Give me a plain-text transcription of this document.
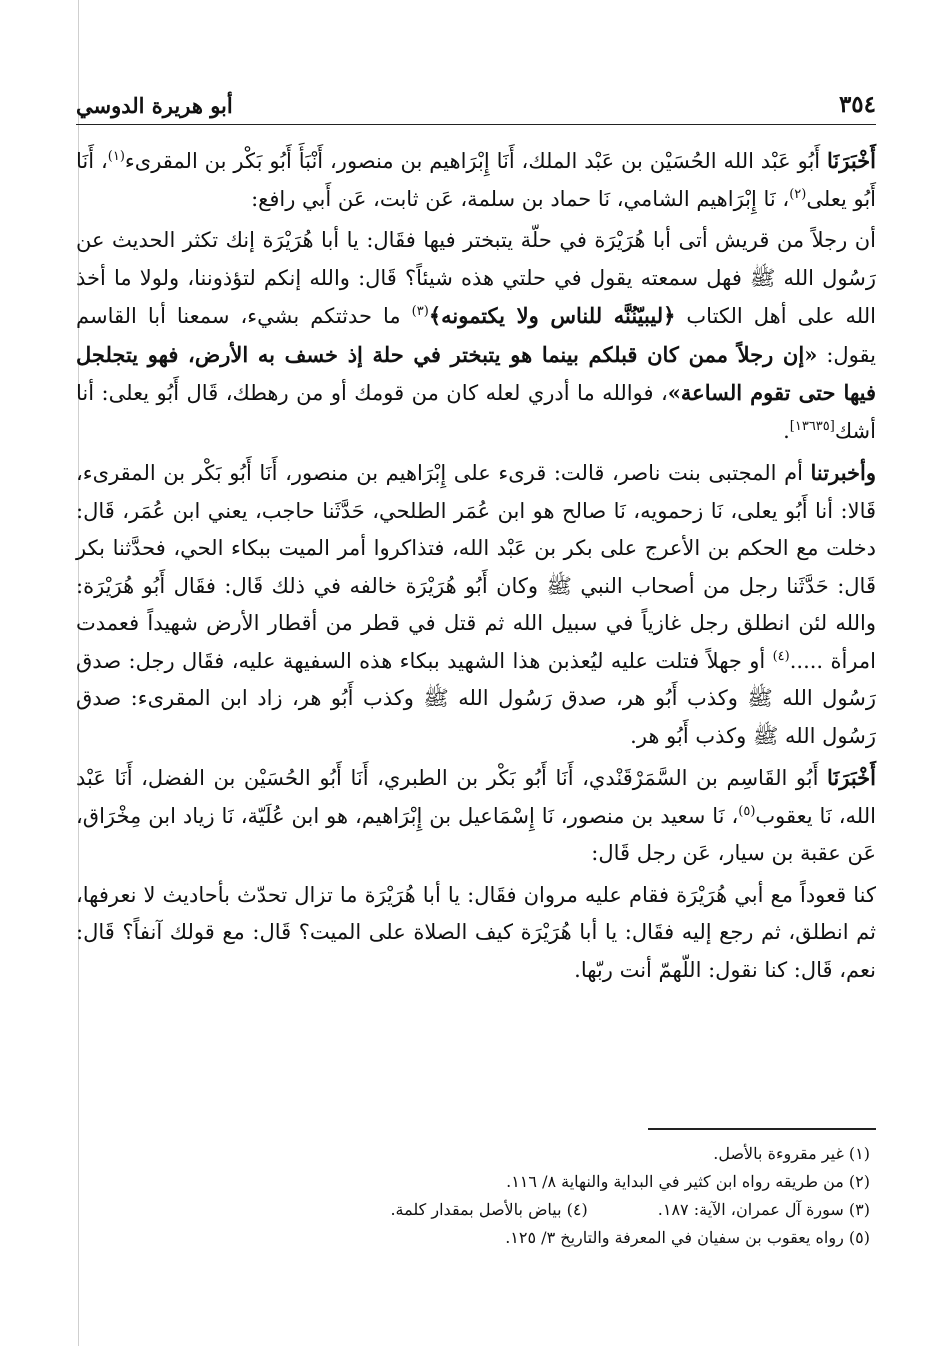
٣٥٤
أبو هريرة الدوسي

أَخْبَرَنَا أَبُو عَبْد الله الحُسَيْن بن عَبْد الملك، أَنَا إِبْرَاهيم بن منصور، أَنْبَأَ أَبُو بَكْر بن المقرىء$^{(١)}$، أَنَا أَبُو يعلى$^{(٢)}$، نَا إِبْرَاهيم الشامي، نَا حماد بن سلمة، عَن ثابت، عَن أَبي رافع:

أن رجلاً من قريش أتى أبا هُرَيْرَة في حلّة يتبختر فيها فقَال: يا أبا هُرَيْرَة إنك تكثر الحديث عن رَسُول الله ﷺ فهل سمعته يقول في حلتي هذه شيئاً؟ قَال: والله إنكم لتؤذوننا، ولولا ما أخذ الله على أهل الكتاب ﴿ليبيّنُنَّه للناس ولا يكتمونه﴾$^{(٣)}$ ما حدثتكم بشيء، سمعنا أبا القاسم يقول: «إن رجلاً ممن كان قبلكم بينما هو يتبختر في حلة إذ خسف به الأرض، فهو يتجلجل فيها حتى تقوم الساعة»، فوالله ما أدري لعله كان من قومك أو من رهطك، قَال أَبُو يعلى: أنا أشك[١٣٦٣٥].

وأخبرتنا أم المجتبى بنت ناصر، قالت: قرىء على إِبْرَاهيم بن منصور، أَنَا أَبُو بَكْر بن المقرىء، قَالا: أنا أَبُو يعلى، نَا زحمويه، نَا صالح هو ابن عُمَر الطلحي، حَدَّثَنا حاجب، يعني ابن عُمَر، قَال: دخلت مع الحكم بن الأعرج على بكر بن عَبْد الله، فتذاكروا أمر الميت ببكاء الحي، فحدَّثنا بكر قَال: حَدَّثَنا رجل من أصحاب النبي ﷺ وكان أَبُو هُرَيْرَة خالفه في ذلك قَال: فقَال أَبُو هُرَيْرَة: والله لئن انطلق رجل غازياً في سبيل الله ثم قتل في قطر من أقطار الأرض شهيداً فعمدت امرأة .....$^{(٤)}$ أو جهلاً فتلت عليه ليُعذبن هذا الشهيد ببكاء هذه السفيهة عليه، فقَال رجل: صدق رَسُول الله ﷺ وكذب أَبُو هر، صدق رَسُول الله ﷺ وكذب أَبُو هر، زاد ابن المقرىء: صدق رَسُول الله ﷺ وكذب أَبُو هر.

أَخْبَرَنَا أَبُو القَاسِم بن السَّمَرْقَنْدي، أَنَا أَبُو بَكْر بن الطبري، أَنَا أَبُو الحُسَيْن بن الفضل، أَنَا عَبْد الله، نَا يعقوب$^{(٥)}$، نَا سعيد بن منصور، نَا إِسْمَاعيل بن إِبْرَاهيم، هو ابن عُلَيّة، نَا زياد ابن مِخْرَاق، عَن عقبة بن سيار، عَن رجل قَال:

كنا قعوداً مع أبي هُرَيْرَة فقام عليه مروان فقَال: يا أبا هُرَيْرَة ما تزال تحدّث بأحاديث لا نعرفها، ثم انطلق، ثم رجع إليه فقَال: يا أبا هُرَيْرَة كيف الصلاة على الميت؟ قَال: مع قولك آنفاً؟ قَال: نعم، قَال: كنا نقول: اللّهمّ أنت ربّها.

(١) غير مقروءة بالأصل.
(٢) من طريقه رواه ابن كثير في البداية والنهاية ٨/ ١١٦.
(٣) سورة آل عمران، الآية: ١٨٧.
(٤) بياض بالأصل بمقدار كلمة.
(٥) رواه يعقوب بن سفيان في المعرفة والتاريخ ٣/ ١٢٥.
